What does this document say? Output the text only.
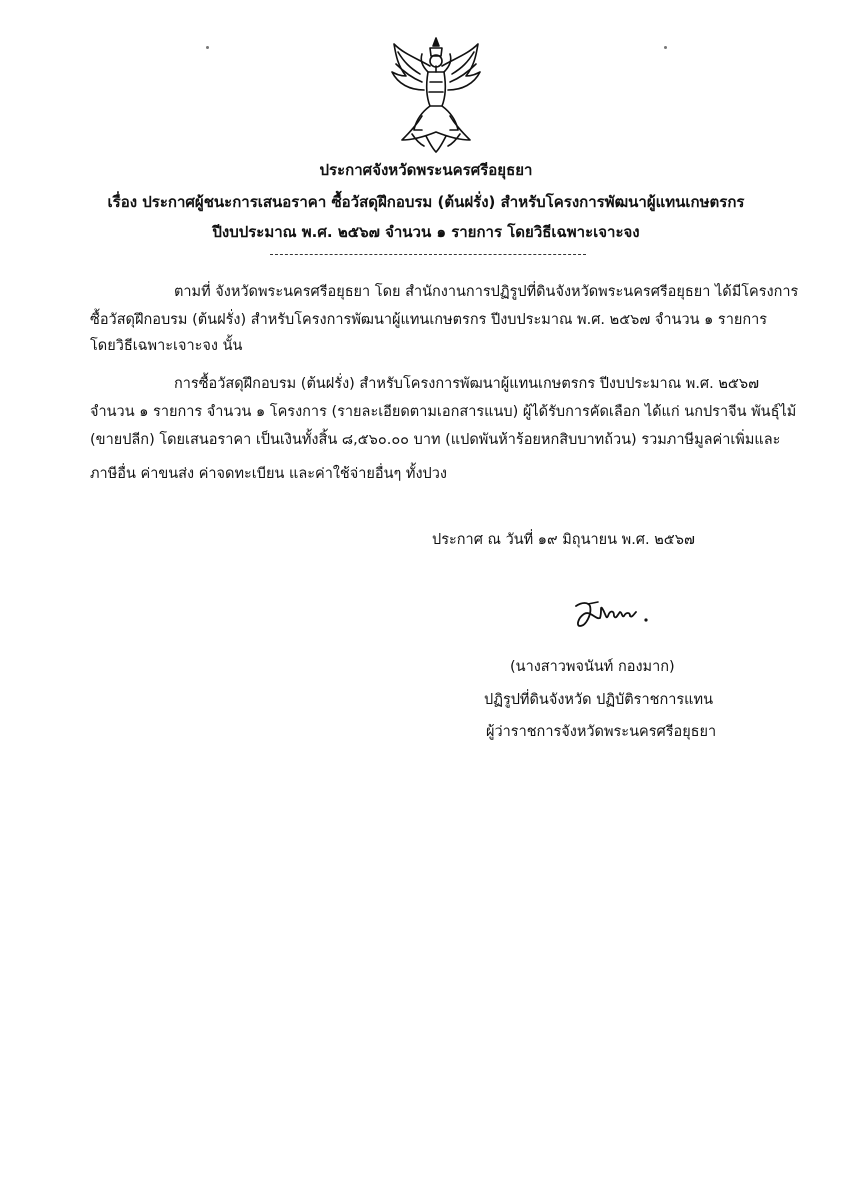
ประกาศจังหวัดพระนครศรีอยุธยา
เรื่อง ประกาศผู้ชนะการเสนอราคา ซื้อวัสดุฝึกอบรม (ต้นฝรั่ง) สำหรับโครงการพัฒนาผู้แทนเกษตรกร
ปีงบประมาณ พ.ศ. ๒๕๖๗ จำนวน ๑ รายการ โดยวิธีเฉพาะเจาะจง
ตามที่ จังหวัดพระนครศรีอยุธยา โดย สำนักงานการปฏิรูปที่ดินจังหวัดพระนครศรีอยุธยา ได้มีโครงการ
ซื้อวัสดุฝึกอบรม (ต้นฝรั่ง) สำหรับโครงการพัฒนาผู้แทนเกษตรกร ปีงบประมาณ พ.ศ. ๒๕๖๗ จำนวน ๑ รายการ
โดยวิธีเฉพาะเจาะจง นั้น
การซื้อวัสดุฝึกอบรม (ต้นฝรั่ง) สำหรับโครงการพัฒนาผู้แทนเกษตรกร ปีงบประมาณ พ.ศ. ๒๕๖๗
จำนวน ๑ รายการ จำนวน ๑ โครงการ (รายละเอียดตามเอกสารแนบ) ผู้ได้รับการคัดเลือก ได้แก่ นกปราจีน พันธุ์ไม้
(ขายปลีก) โดยเสนอราคา เป็นเงินทั้งสิ้น ๘,๕๖๐.๐๐ บาท (แปดพันห้าร้อยหกสิบบาทถ้วน) รวมภาษีมูลค่าเพิ่มและ
ภาษีอื่น ค่าขนส่ง ค่าจดทะเบียน และค่าใช้จ่ายอื่นๆ ทั้งปวง
ประกาศ ณ วันที่ ๑๙ มิถุนายน พ.ศ. ๒๕๖๗
(นางสาวพจนันท์ กองมาก)
ปฏิรูปที่ดินจังหวัด ปฏิบัติราชการแทน
ผู้ว่าราชการจังหวัดพระนครศรีอยุธยา
